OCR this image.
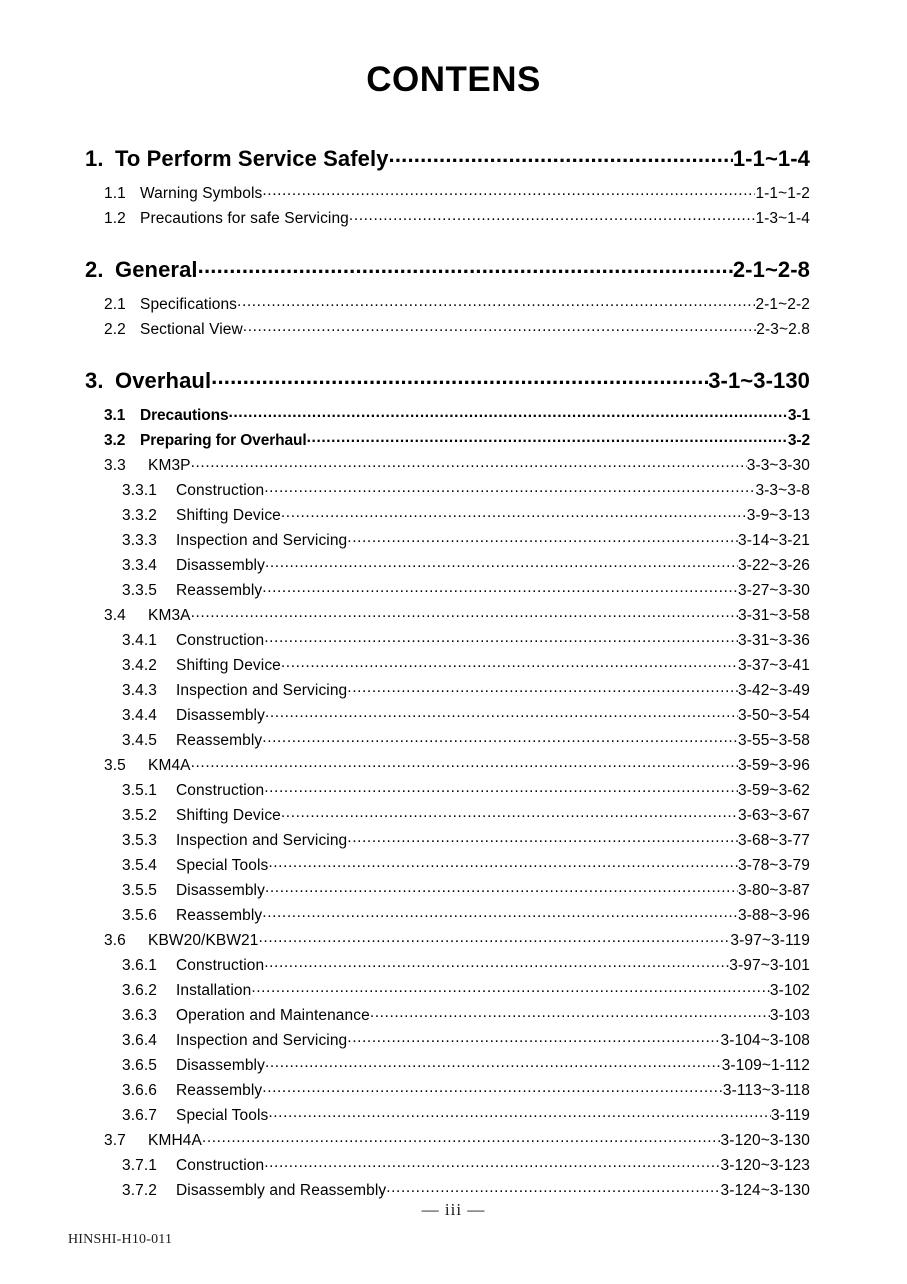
CONTENS
1. To Perform Service Safely .....	1-1~1-4
1.1 Warning Symbols .....	1-1~1-2
1.2 Precautions for safe Servicing .....	1-3~1-4
2. General .....	2-1~2-8
2.1 Specifications .....	2-1~2-2
2.2 Sectional View .....	2-3~2.8
3. Overhaul .....	3-1~3-130
3.1 Drecautions .....	3-1
3.2 Preparing for Overhaul .....	3-2
3.3	KM3P .....	3-3~3-30
3.3.1	Construction .....	3-3~3-8
3.3.2	Shifting Device .....	3-9~3-13
3.3.3	Inspection and Servicing .....	3-14~3-21
3.3.4	Disassembly .....	3-22~3-26
3.3.5	Reassembly .....	3-27~3-30
3.4	KM3A .....	3-31~3-58
3.4.1	Construction .....	3-31~3-36
3.4.2	Shifting Device .....	3-37~3-41
3.4.3	Inspection and Servicing .....	3-42~3-49
3.4.4	Disassembly .....	3-50~3-54
3.4.5	Reassembly .....	3-55~3-58
3.5	KM4A .....	3-59~3-96
3.5.1	Construction .....	3-59~3-62
3.5.2	Shifting Device .....	3-63~3-67
3.5.3	Inspection and Servicing .....	3-68~3-77
3.5.4	Special Tools .....	3-78~3-79
3.5.5	Disassembly .....	3-80~3-87
3.5.6	Reassembly .....	3-88~3-96
3.6	KBW20/KBW21 .....	3-97~3-119
3.6.1	Construction .....	3-97~3-101
3.6.2	Installation .....	3-102
3.6.3	Operation and Maintenance .....	3-103
3.6.4	Inspection and Servicing .....	3-104~3-108
3.6.5	Disassembly .....	3-109~1-112
3.6.6	Reassembly .....	3-113~3-118
3.6.7	Special Tools .....	3-119
3.7	KMH4A .....	3-120~3-130
3.7.1	Construction .....	3-120~3-123
3.7.2	Disassembly and Reassembly .....	3-124~3-130
— iii —
HINSHI-H10-011
